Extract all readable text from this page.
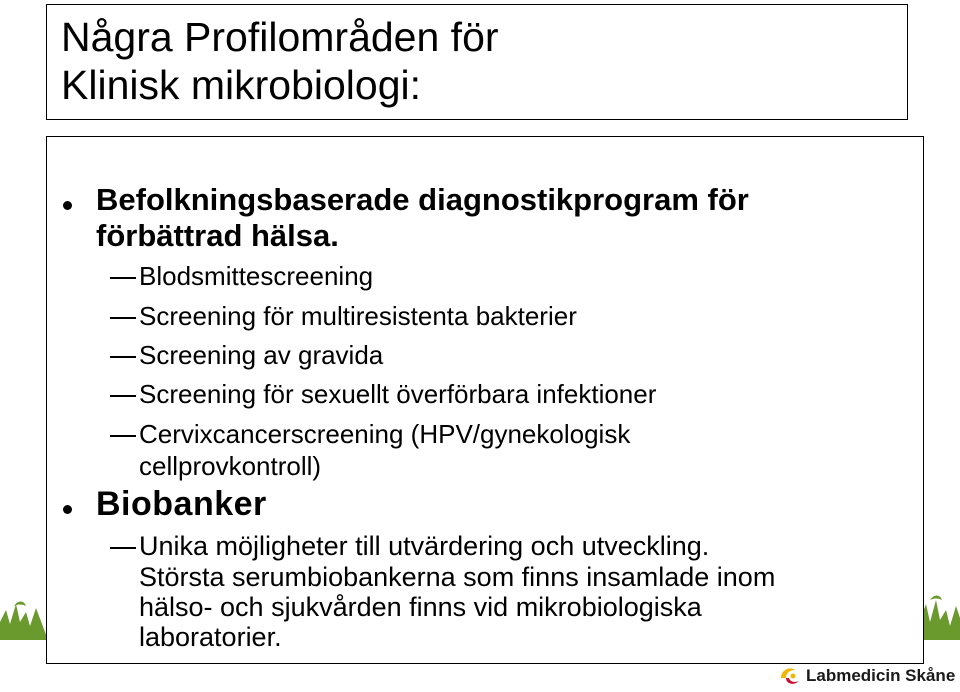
Några Profilområden för
Klinisk mikrobiologi:
Befolkningsbaserade diagnostikprogram för
förbättrad hälsa.
Blodsmittescreening
Screening för multiresistenta bakterier
Screening av gravida
Screening för sexuellt överförbara infektioner
Cervixcancerscreening (HPV/gynekologisk
cellprovkontroll)
Biobanker
Unika möjligheter till utvärdering och utveckling.
Största serumbiobankerna som finns insamlade inom
hälso- och sjukvården finns vid mikrobiologiska
laboratorier.
Labmedicin Skåne
